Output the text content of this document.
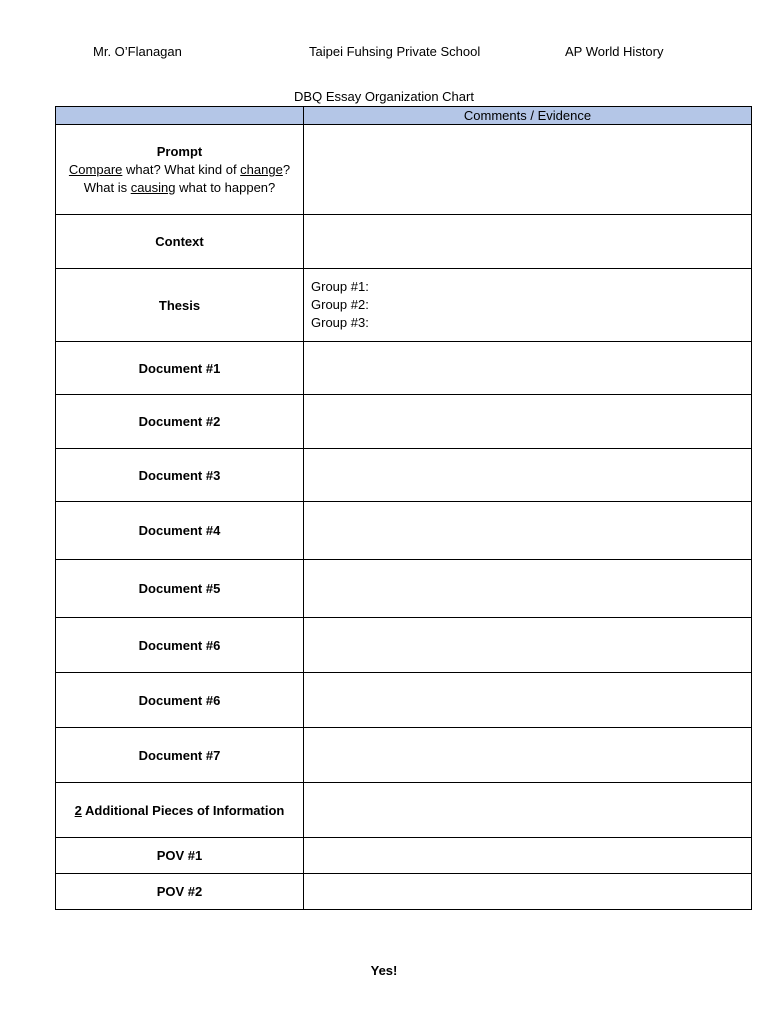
Mr. O’Flanagan	Taipei Fuhsing Private School	AP World History
DBQ Essay Organization Chart
	Comments / Evidence

Prompt
Compare what? What kind of change? What is causing what to happen?	

Context	
Thesis	Group #1:
Group #2:
Group #3:

Document #1	
Document #2	
Document #3	
Document #4	
Document #5	
Document #6	
Document #6	
Document #7	
2 Additional Pieces of Information	
POV #1	
POV #2	
Yes!
